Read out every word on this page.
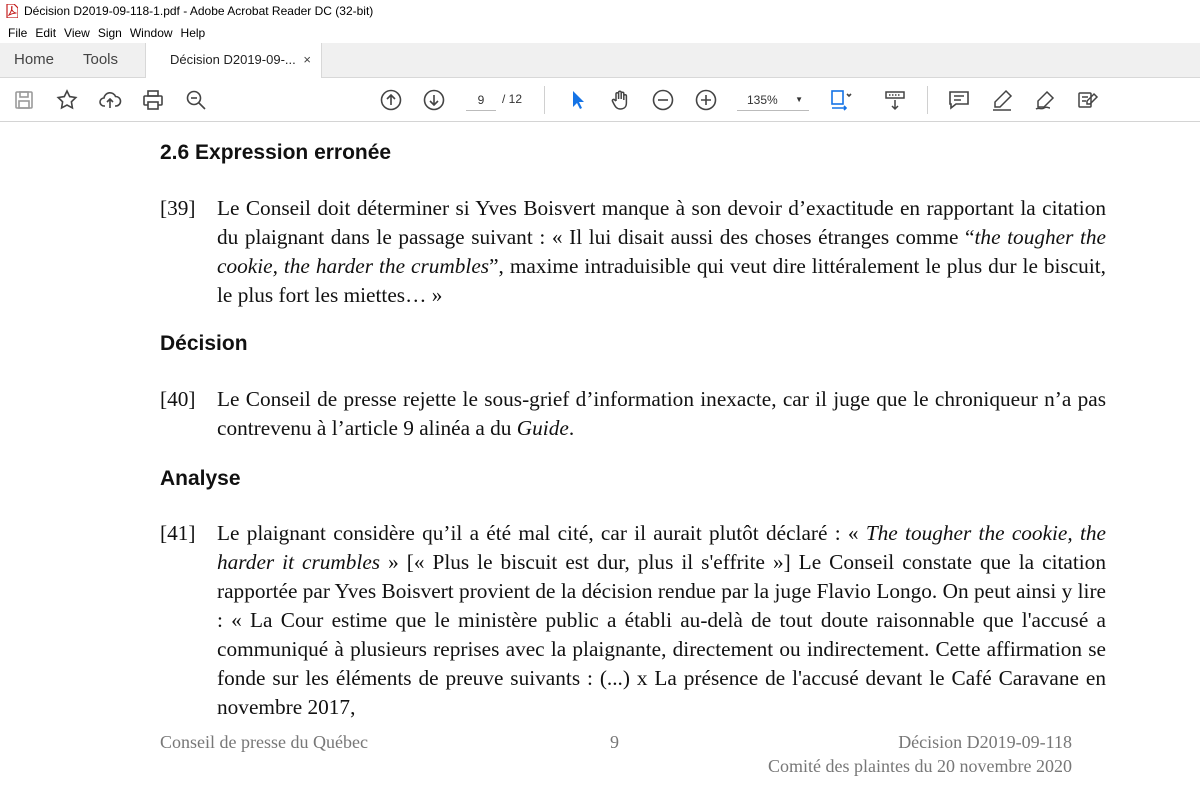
Décision D2019-09-118-1.pdf - Adobe Acrobat Reader DC (32-bit)
File Edit View Sign Window Help
Home Tools	Décision D2019-09-... ×
9
/ 12	135% ▼
2.6 Expression erronée
[39] Le Conseil doit déterminer si Yves Boisvert manque à son devoir d’exactitude en rapportant la citation du plaignant dans le passage suivant : « Il lui disait aussi des choses étranges comme “the tougher the cookie, the harder the crumbles”, maxime intraduisible qui veut dire littéralement le plus dur le biscuit, le plus fort les miettes… »
Décision
[40] Le Conseil de presse rejette le sous-grief d’information inexacte, car il juge que le chroniqueur n’a pas contrevenu à l’article 9 alinéa a du Guide.
Analyse
[41] Le plaignant considère qu’il a été mal cité, car il aurait plutôt déclaré : « The tougher the cookie, the harder it crumbles » [« Plus le biscuit est dur, plus il s'effrite »] Le Conseil constate que la citation rapportée par Yves Boisvert provient de la décision rendue par la juge Flavio Longo. On peut ainsi y lire : « La Cour estime que le ministère public a établi au-delà de tout doute raisonnable que l'accusé a communiqué à plusieurs reprises avec la plaignante, directement ou indirectement. Cette affirmation se fonde sur les éléments de preuve suivants : (...) x La présence de l'accusé devant le Café Caravane en novembre 2017,
Conseil de presse du Québec	9	Décision D2019-09-118
Comité des plaintes du 20 novembre 2020
